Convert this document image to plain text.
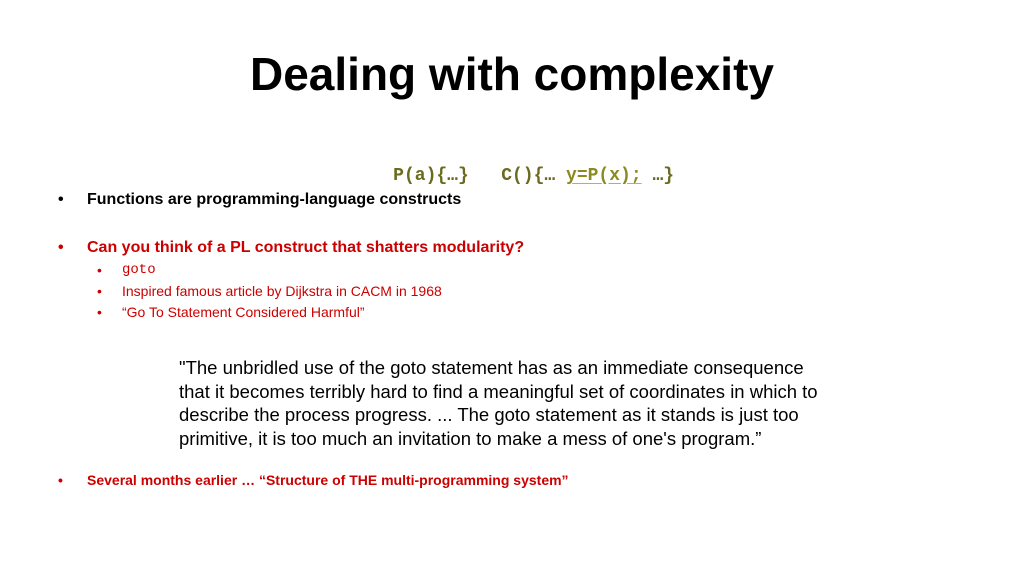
Dealing with complexity

P(a){…} C(){… y=P(x); …}

• Functions are programming-language constructs
• Can you think of a PL construct that shatters modularity?
• goto
• Inspired famous article by Dijkstra in CACM in 1968
• “Go To Statement Considered Harmful”

"The unbridled use of the goto statement has as an immediate consequence

that it becomes terribly hard to find a meaningful set of coordinates in which to

describe the process progress. ... The goto statement as it stands is just too

primitive, it is too much an invitation to make a mess of one's program.”

• Several months earlier … “Structure of THE multi-programming system”
